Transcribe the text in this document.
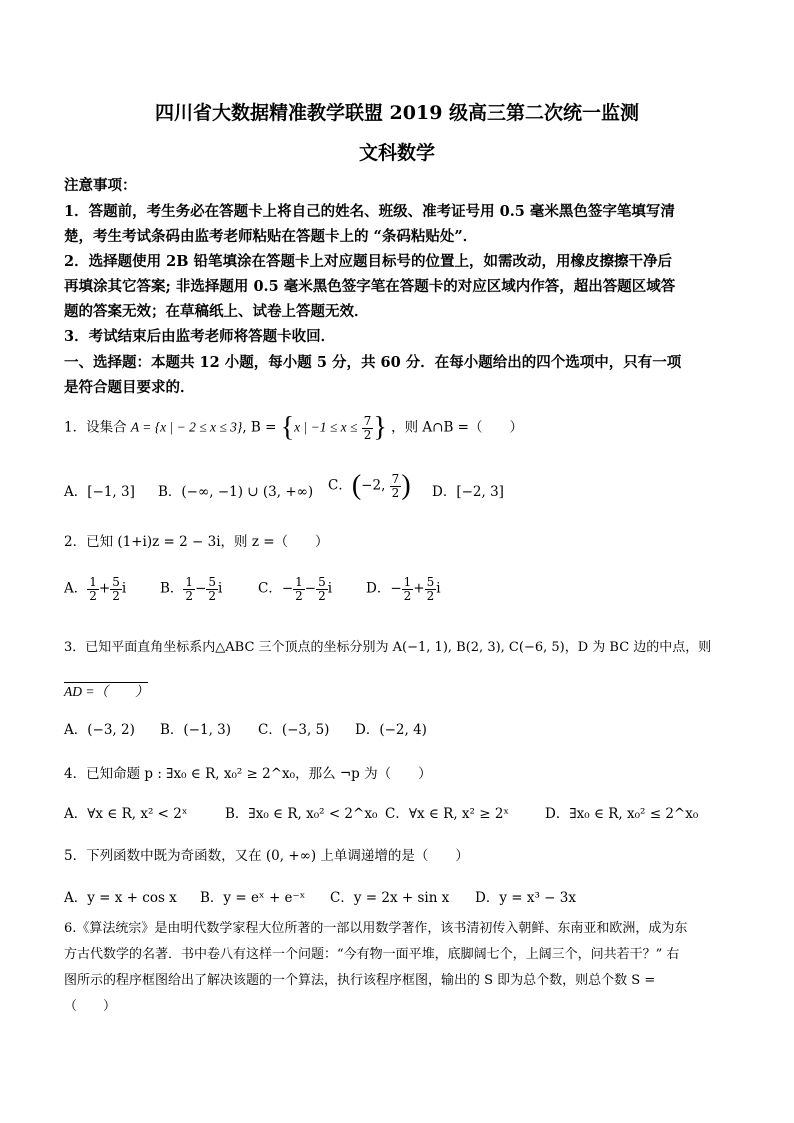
四川省大数据精准教学联盟 2019 级高三第二次统一监测
文科数学
注意事项：
1．答题前，考生务必在答题卡上将自己的姓名、班级、准考证号用 0.5 毫米黑色签字笔填写清
楚，考生考试条码由监考老师粘贴在答题卡上的 “条码粘贴处”．
2．选择题使用 2B 铅笔填涂在答题卡上对应题目标号的位置上，如需改动，用橡皮擦擦干净后
再填涂其它答案; 非选择题用 0.5 毫米黑色签字笔在答题卡的对应区域内作答，超出答题区域答
题的答案无效；在草稿纸上、试卷上答题无效．
3．考试结束后由监考老师将答题卡收回．
一、选择题：本题共 12 小题，每小题 5 分，共 60 分．在每小题给出的四个选项中，只有一项
是符合题目要求的．
1．设集合 A = {x | − 2 ≤ x ≤ 3}, B = {x | $-1 \le x \le \frac{7}{2}$ } ，则 A∩B =（　　）
A．[−1, 3] B．(−∞, −1) ∪ (3, +∞) C．(−2, $\frac{7}{2}$ ) D．[−2, 3]
2．已知 (1+i)z = 2 − 3i，则 z =（　　）
A． $\frac{1}{2} + \frac{5}{2}$ i	B． $\frac{1}{2} - \frac{5}{2}$ i	C．− $\frac{1}{2} - \frac{5}{2}$ i	D．− $\frac{1}{2} + \frac{5}{2}$ i
3．已知平面直角坐标系内△ABC 三个顶点的坐标分别为 A(−1, 1), B(2, 3), C(−6, 5)，D 为 BC 边的中点，则
AD =（　　）
A．(−3, 2) B．(−1, 3) C．(−3, 5) D．(−2, 4)
4．已知命题 p : ∃x₀ ∈ R, x₀² ≥ 2^x₀，那么 ¬p 为（　　）
A．∀x ∈ R, x² < 2ˣ	B．∃x₀ ∈ R, x₀² < 2^x₀ C．∀x ∈ R, x² ≥ 2ˣ	D．∃x₀ ∈ R, x₀² ≤ 2^x₀
5．下列函数中既为奇函数，又在 (0, +∞) 上单调递增的是（　　）
A．y = x + cos x B．y = eˣ + e⁻ˣ C．y = 2x + sin x D．y = x³ − 3x
6.《算法统宗》是由明代数学家程大位所著的一部以用数学著作，该书清初传入朝鲜、东南亚和欧洲，成为东
方古代数学的名著．书中卷八有这样一个问题：“今有物一面平堆，底脚阔七个，上阔三个，问共若干？” 右
图所示的程序框图给出了解决该题的一个算法，执行该程序框图，输出的 S 即为总个数，则总个数 S =
（　　）
